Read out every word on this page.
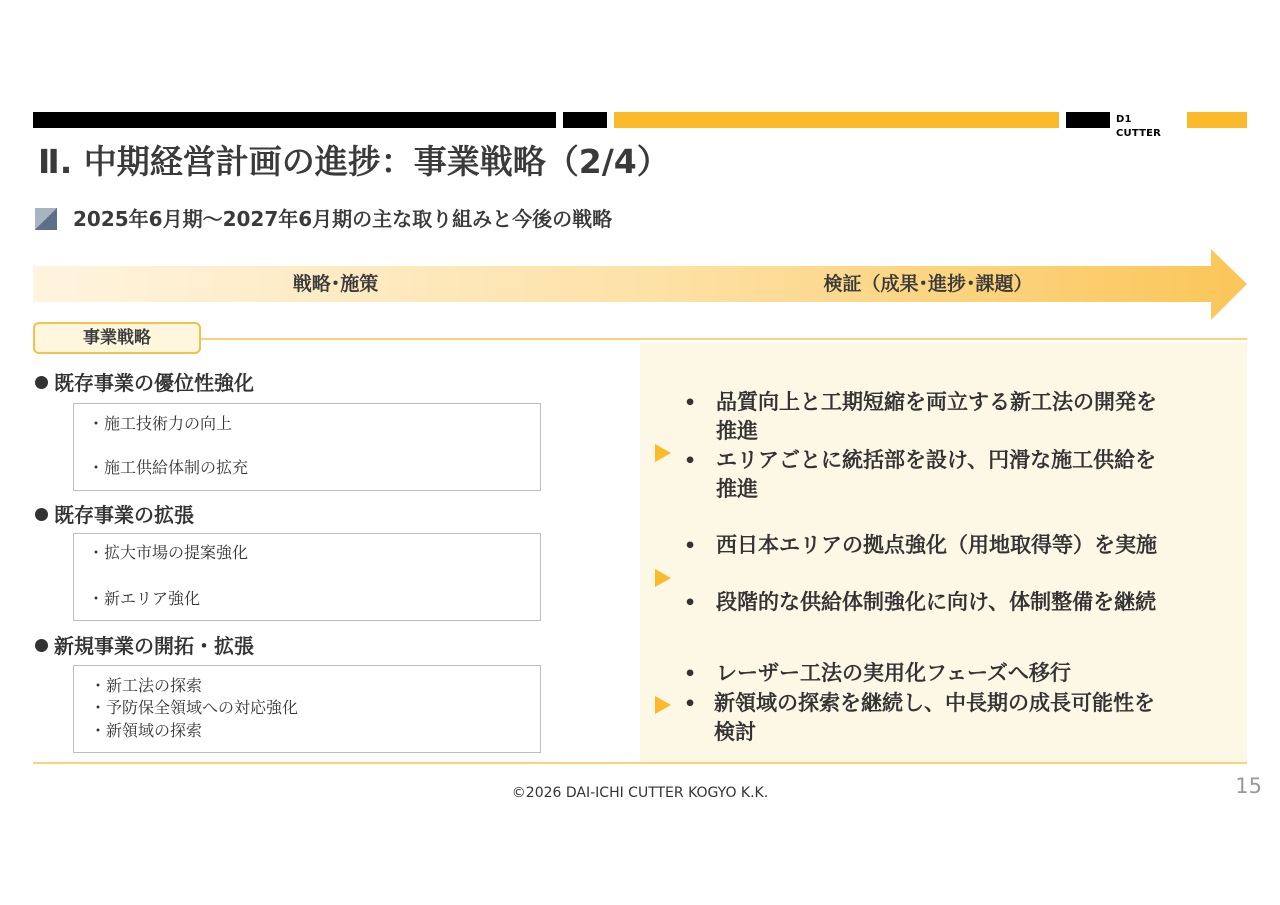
D1 CUTTER
Ⅱ. 中期経営計画の進捗：事業戦略（2/4）
2025年6月期～2027年6月期の主な取り組みと今後の戦略
戦略･施策	検証（成果･進捗･課題）
事業戦略
既存事業の優位性強化
・施工技術力の向上
・施工供給体制の拡充
既存事業の拡張
・拡大市場の提案強化
・新エリア強化
新規事業の開拓・拡張
・新工法の探索
・予防保全領域への対応強化
・新領域の探索
• 品質向上と工期短縮を両立する新工法の開発を
推進
• エリアごとに統括部を設け、円滑な施工供給を
推進
• 西日本エリアの拠点強化（用地取得等）を実施
• 段階的な供給体制強化に向け、体制整備を継続
• レーザー工法の実用化フェーズへ移行
• 新領域の探索を継続し、中長期の成長可能性を
検討
©2026 DAI-ICHI CUTTER KOGYO K.K.	15
